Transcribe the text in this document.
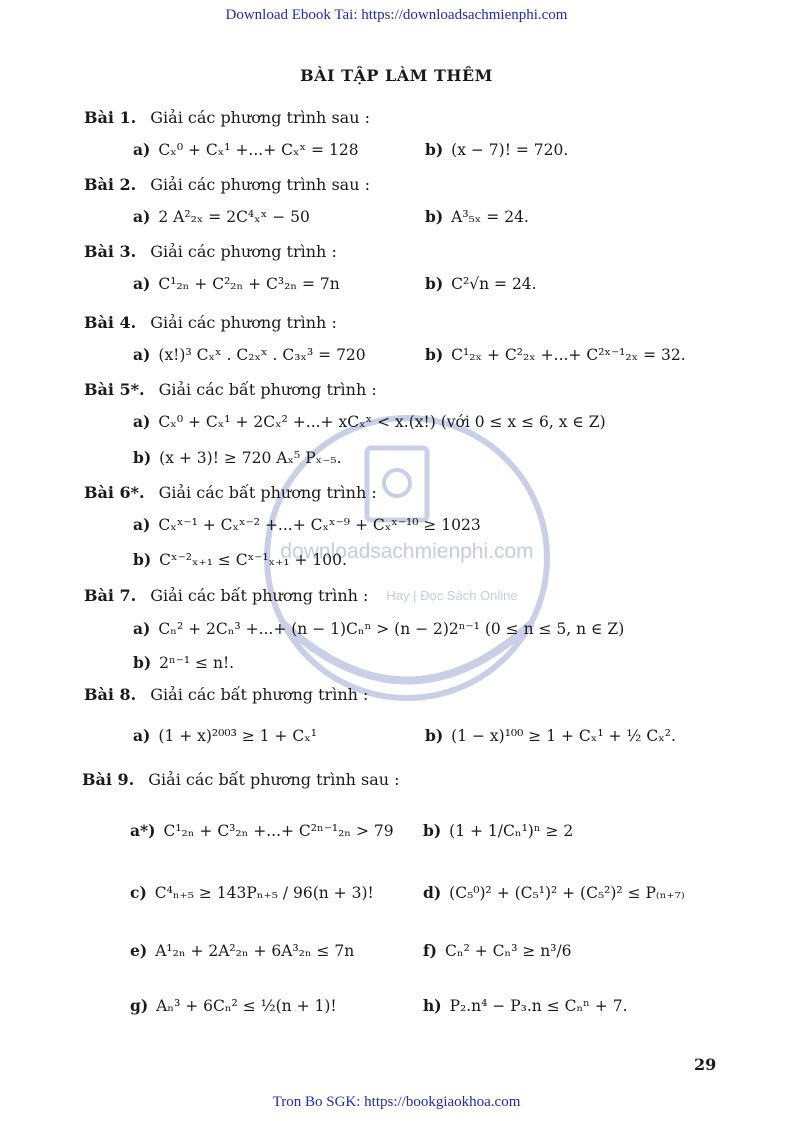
Download Ebook Tai: https://downloadsachmienphi.com
downloadsachmienphi.com
Hay | Đọc Sách Online
BÀI TẬP LÀM THÊM
Bài 1. Giải các phương trình sau :
a) Cₓ⁰ + Cₓ¹ +...+ Cₓˣ = 128	b) (x − 7)! = 720.
Bài 2. Giải các phương trình sau :
a) 2 A²₂ₓ = 2C⁴ₓˣ − 50	b) A³₅ₓ = 24.
Bài 3. Giải các phương trình :
a) C¹₂ₙ + C²₂ₙ + C³₂ₙ = 7n	b) C²√n = 24.
Bài 4. Giải các phương trình :
a) (x!)³ Cₓˣ . C₂ₓˣ . C₃ₓ³ = 720	b) C¹₂ₓ + C²₂ₓ +...+ C²ˣ⁻¹₂ₓ = 32.
Bài 5*. Giải các bất phương trình :
a) Cₓ⁰ + Cₓ¹ + 2Cₓ² +...+ xCₓˣ < x.(x!) (với 0 ≤ x ≤ 6, x ∈ Z)
b) (x + 3)! ≥ 720 Aₓ⁵ Pₓ₋₅.
Bài 6*. Giải các bất phương trình :
a) Cₓˣ⁻¹ + Cₓˣ⁻² +...+ Cₓˣ⁻⁹ + Cₓˣ⁻¹⁰ ≥ 1023
b) Cˣ⁻²ₓ₊₁ ≤ Cˣ⁻¹ₓ₊₁ + 100.
Bài 7. Giải các bất phương trình :
a) Cₙ² + 2Cₙ³ +...+ (n − 1)Cₙⁿ > (n − 2)2ⁿ⁻¹ (0 ≤ n ≤ 5, n ∈ Z)
b) 2ⁿ⁻¹ ≤ n!.
Bài 8. Giải các bất phương trình :
a) (1 + x)²⁰⁰³ ≥ 1 + Cₓ¹	b) (1 − x)¹⁰⁰ ≥ 1 + Cₓ¹ + ½ Cₓ².
Bài 9. Giải các bất phương trình sau :
a*) C¹₂ₙ + C³₂ₙ +...+ C²ⁿ⁻¹₂ₙ > 79 b) (1 + 1/Cₙ¹)ⁿ ≥ 2
c) C⁴ₙ₊₅ ≥ 143Pₙ₊₅ / 96(n + 3)!	d) (C₅⁰)² + (C₅¹)² + (C₅²)² ≤ P₍ₙ₊₇₎
e) A¹₂ₙ + 2A²₂ₙ + 6A³₂ₙ ≤ 7n	f) Cₙ² + Cₙ³ ≥ n³/6
g) Aₙ³ + 6Cₙ² ≤ ½(n + 1)!	h) P₂.n⁴ − P₃.n ≤ Cₙⁿ + 7.
29
Tron Bo SGK: https://bookgiaokhoa.com
